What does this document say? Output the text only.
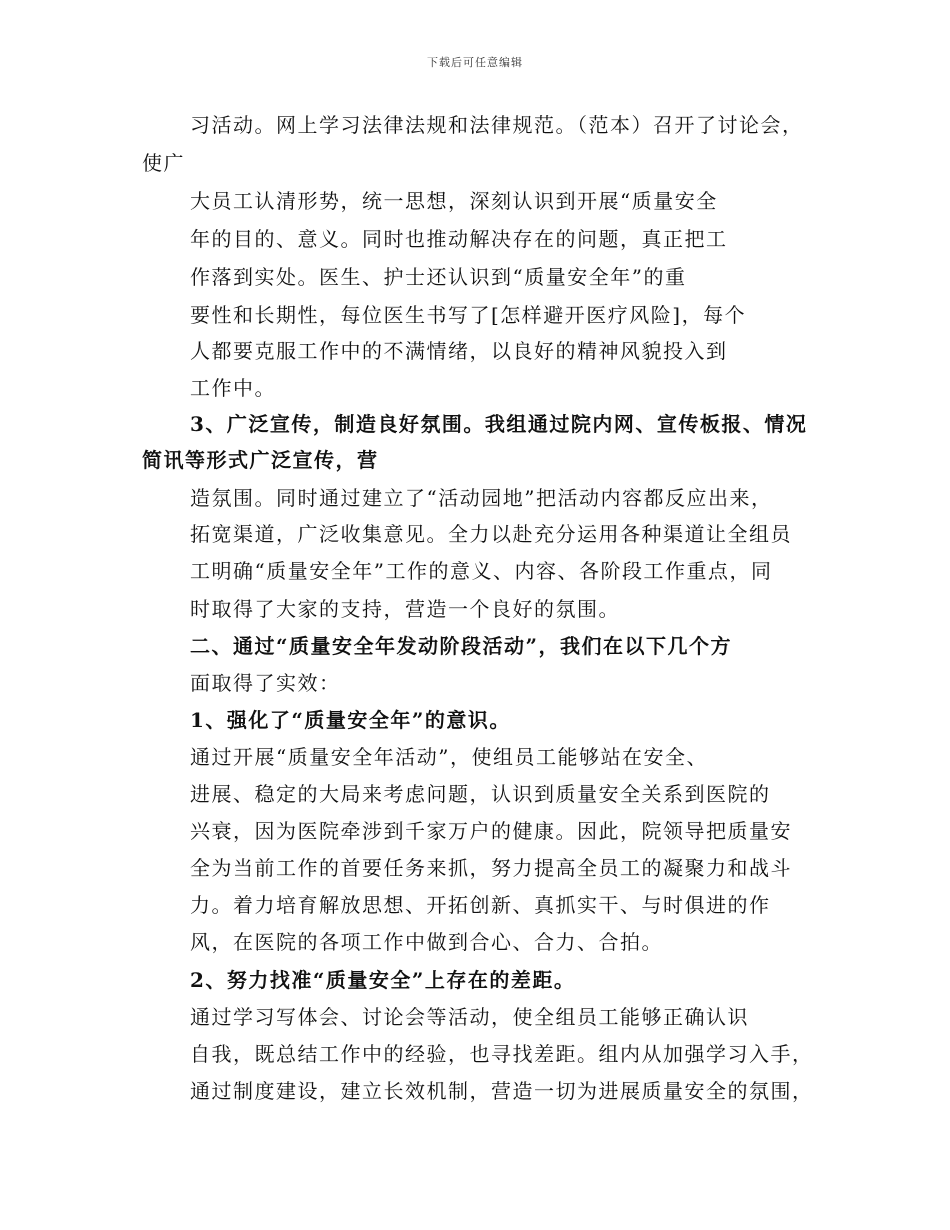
下载后可任意编辑
习活动。网上学习法律法规和法律规范。（范本）召开了讨论会，
使广
大员工认清形势，统一思想，深刻认识到开展“质量安全
年的目的、意义。同时也推动解决存在的问题，真正把工
作落到实处。医生、护士还认识到“质量安全年”的重
要性和长期性，每位医生书写了[怎样避开医疗风险]，每个
人都要克服工作中的不满情绪，以良好的精神风貌投入到
工作中。
3、广泛宣传，制造良好氛围。我组通过院内网、宣传板报、情况
简讯等形式广泛宣传，营
造氛围。同时通过建立了“活动园地”把活动内容都反应出来，
拓宽渠道，广泛收集意见。全力以赴充分运用各种渠道让全组员
工明确“质量安全年”工作的意义、内容、各阶段工作重点，同
时取得了大家的支持，营造一个良好的氛围。
二、通过“质量安全年发动阶段活动”，我们在以下几个方
面取得了实效：
1、强化了“质量安全年”的意识。
通过开展“质量安全年活动”，使组员工能够站在安全、
进展、稳定的大局来考虑问题，认识到质量安全关系到医院的
兴衰，因为医院牵涉到千家万户的健康。因此，院领导把质量安
全为当前工作的首要任务来抓，努力提高全员工的凝聚力和战斗
力。着力培育解放思想、开拓创新、真抓实干、与时俱进的作
风，在医院的各项工作中做到合心、合力、合拍。
2、努力找准“质量安全”上存在的差距。
通过学习写体会、讨论会等活动，使全组员工能够正确认识
自我，既总结工作中的经验，也寻找差距。组内从加强学习入手，
通过制度建设，建立长效机制，营造一切为进展质量安全的氛围，
